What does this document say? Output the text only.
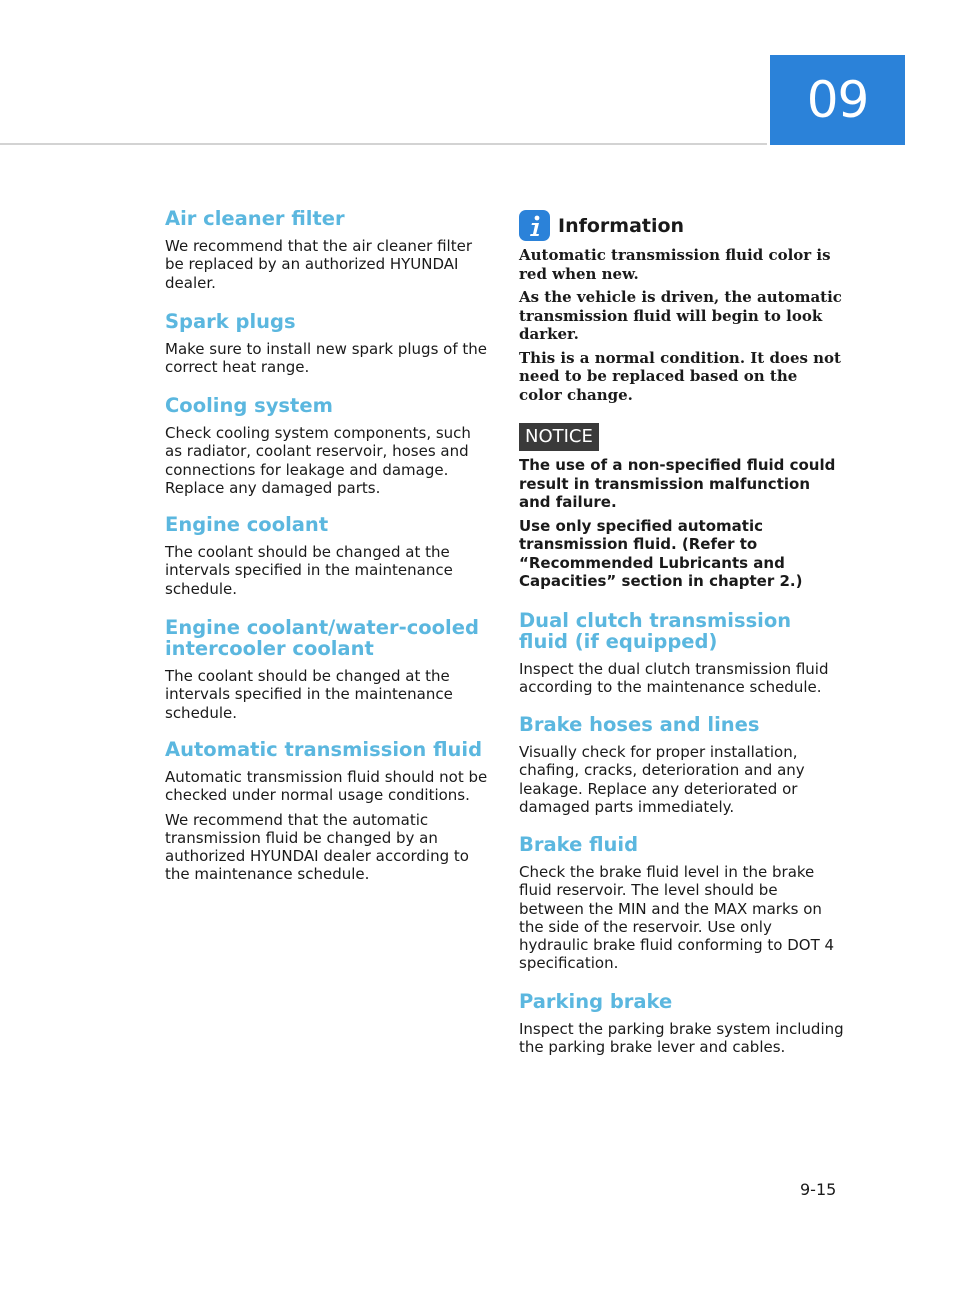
09
Air cleaner filter

We recommend that the air cleaner filter be replaced by an authorized HYUNDAI dealer.

Spark plugs

Make sure to install new spark plugs of the correct heat range.

Cooling system

Check cooling system components, such as radiator, coolant reservoir, hoses and connections for leakage and damage. Replace any damaged parts.

Engine coolant

The coolant should be changed at the intervals specified in the maintenance schedule.

Engine coolant/water-cooled intercooler coolant

The coolant should be changed at the intervals specified in the maintenance schedule.

Automatic transmission fluid

Automatic transmission fluid should not be checked under normal usage conditions.

We recommend that the automatic transmission fluid be changed by an authorized HYUNDAI dealer according to the maintenance schedule.

Information

Automatic transmission fluid color is red when new.

As the vehicle is driven, the automatic transmission fluid will begin to look darker.

This is a normal condition. It does not need to be replaced based on the color change.

NOTICE

The use of a non-specified fluid could result in transmission malfunction and failure.

Use only specified automatic transmission fluid. (Refer to “Recommended Lubricants and Capacities” section in chapter 2.)

Dual clutch transmission fluid (if equipped)

Inspect the dual clutch transmission fluid according to the maintenance schedule.

Brake hoses and lines

Visually check for proper installation, chafing, cracks, deterioration and any leakage. Replace any deteriorated or damaged parts immediately.

Brake fluid

Check the brake fluid level in the brake fluid reservoir. The level should be between the MIN and the MAX marks on the side of the reservoir. Use only hydraulic brake fluid conforming to DOT 4 specification.

Parking brake

Inspect the parking brake system including the parking brake lever and cables.

9-15
